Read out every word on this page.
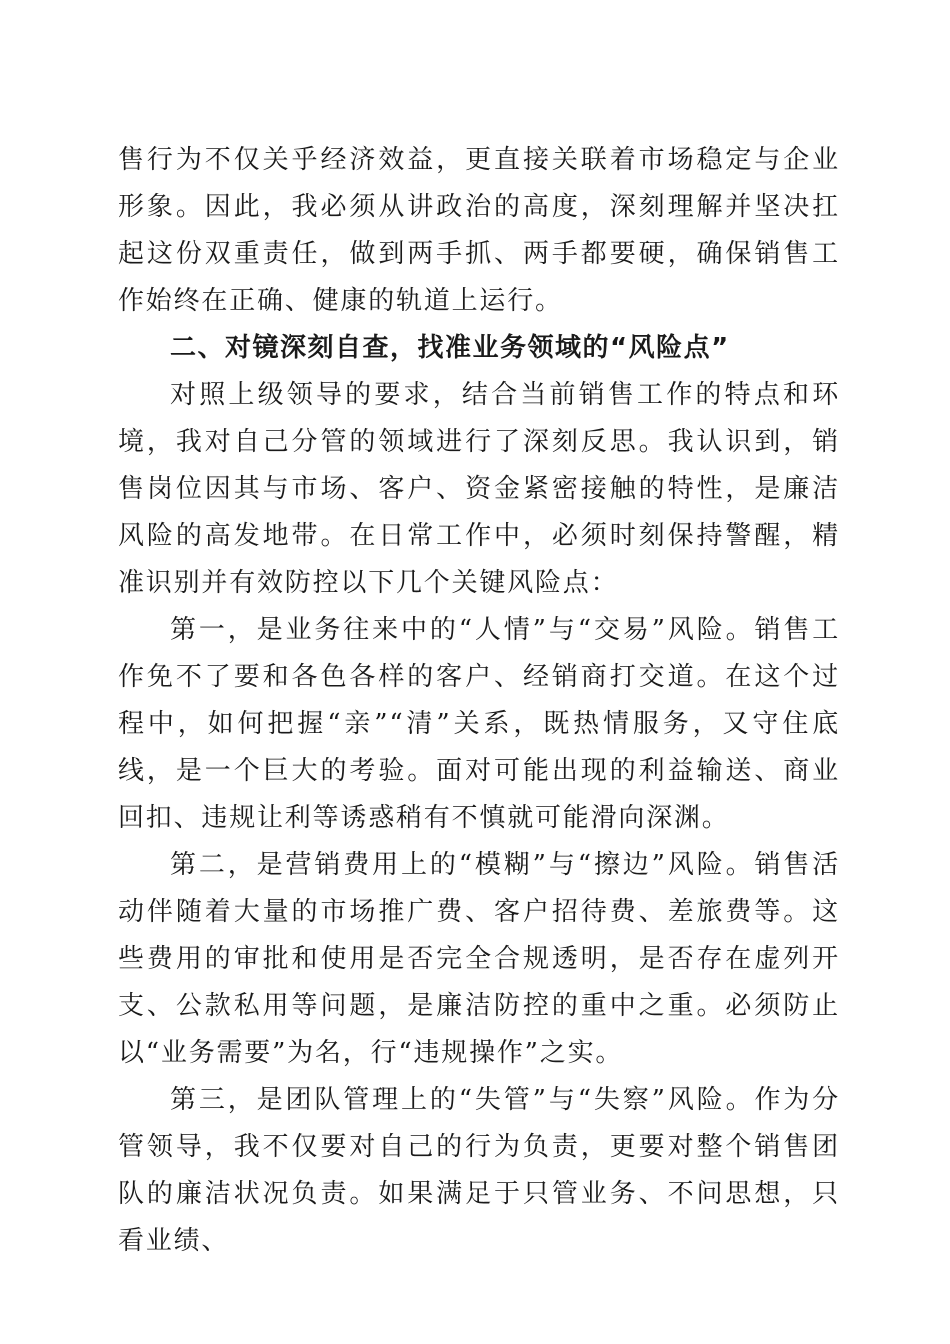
售行为不仅关乎经济效益，更直接关联着市场稳定与企业形象。因此，我必须从讲政治的高度，深刻理解并坚决扛起这份双重责任，做到两手抓、两手都要硬，确保销售工作始终在正确、健康的轨道上运行。

二、对镜深刻自查，找准业务领域的“风险点”

对照上级领导的要求，结合当前销售工作的特点和环境，我对自己分管的领域进行了深刻反思。我认识到，销售岗位因其与市场、客户、资金紧密接触的特性，是廉洁风险的高发地带。在日常工作中，必须时刻保持警醒，精准识别并有效防控以下几个关键风险点：

第一，是业务往来中的“人情”与“交易”风险。销售工作免不了要和各色各样的客户、经销商打交道。在这个过程中，如何把握“亲”“清”关系，既热情服务，又守住底线，是一个巨大的考验。面对可能出现的利益输送、商业回扣、违规让利等诱惑稍有不慎就可能滑向深渊。

第二，是营销费用上的“模糊”与“擦边”风险。销售活动伴随着大量的市场推广费、客户招待费、差旅费等。这些费用的审批和使用是否完全合规透明，是否存在虚列开支、公款私用等问题，是廉洁防控的重中之重。必须防止以“业务需要”为名，行“违规操作”之实。

第三，是团队管理上的“失管”与“失察”风险。作为分管领导，我不仅要对自己的行为负责，更要对整个销售团队的廉洁状况负责。如果满足于只管业务、不问思想，只看业绩、
